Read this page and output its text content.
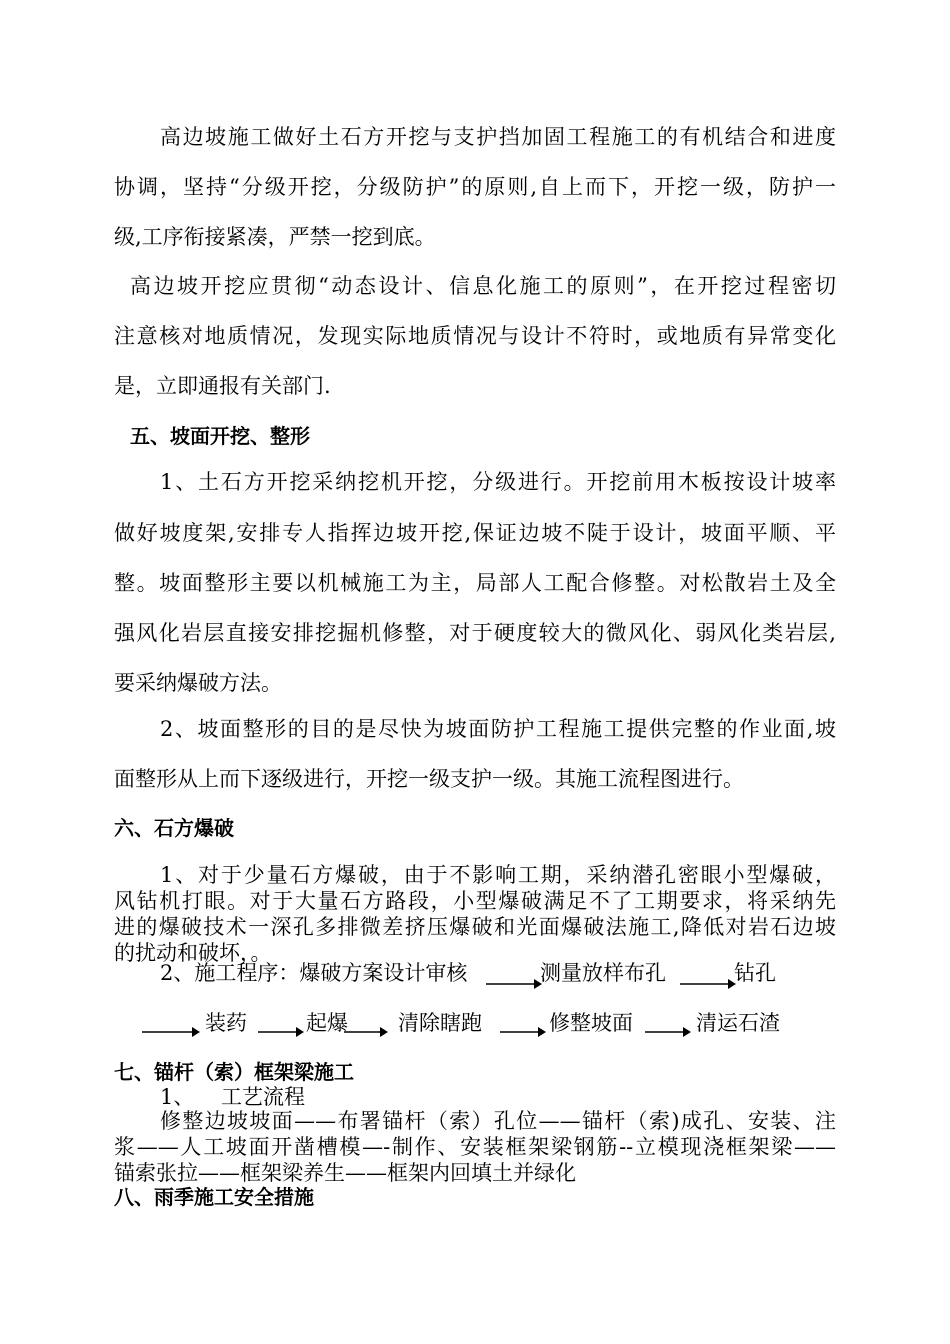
高边坡施工做好土石方开挖与支护挡加固工程施工的有机结合和进度
协调，坚持“分级开挖，分级防护”的原则,自上而下，开挖一级，防护一
级,工序衔接紧凑，严禁一挖到底。
高边坡开挖应贯彻“动态设计、信息化施工的原则”，在开挖过程密切
注意核对地质情况，发现实际地质情况与设计不符时，或地质有异常变化
是，立即通报有关部门.
五、坡面开挖、整形
1、土石方开挖采纳挖机开挖，分级进行。开挖前用木板按设计坡率
做好坡度架,安排专人指挥边坡开挖,保证边坡不陡于设计，坡面平顺、平
整。坡面整形主要以机械施工为主，局部人工配合修整。对松散岩土及全
强风化岩层直接安排挖掘机修整，对于硬度较大的微风化、弱风化类岩层,
要采纳爆破方法。
2、坡面整形的目的是尽快为坡面防护工程施工提供完整的作业面,坡
面整形从上而下逐级进行，开挖一级支护一级。其施工流程图进行。
六、石方爆破
1、对于少量石方爆破，由于不影响工期，采纳潜孔密眼小型爆破，
风钻机打眼。对于大量石方路段，小型爆破满足不了工期要求，将采纳先
进的爆破技术一深孔多排微差挤压爆破和光面爆破法施工,降低对岩石边坡
的扰动和破坏，。
2、施工程序：爆破方案设计审核	测量放样布孔	钻孔
装药	起爆 清除瞎跑	修整坡面	清运石渣
七、锚杆（索）框架梁施工
1、    工艺流程
修整边坡坡面——布署锚杆（索）孔位——锚杆（索)成孔、安装、注
浆——人工坡面开凿槽模—-制作、安装框架梁钢筋--立模现浇框架梁——
锚索张拉——框架梁养生——框架内回填土并绿化
八、雨季施工安全措施
